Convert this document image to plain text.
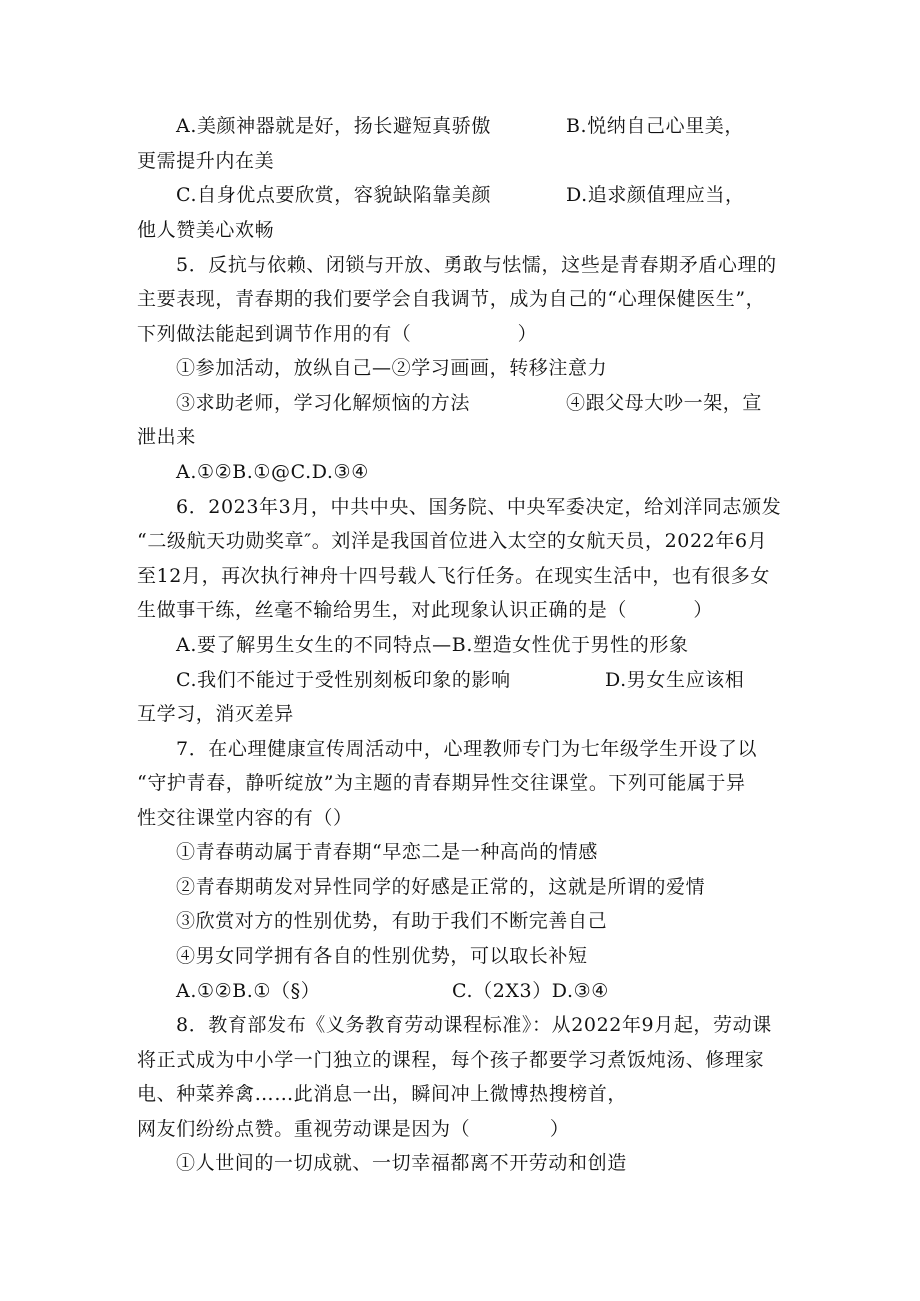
A.美颜神器就是好，扬长避短真骄傲	B.悦纳自己心里美，
更需提升内在美
C.自身优点要欣赏，容貌缺陷靠美颜	D.追求颜值理应当，
他人赞美心欢畅
5．反抗与依赖、闭锁与开放、勇敢与怯懦，这些是青春期矛盾心理的
主要表现，青春期的我们要学会自我调节，成为自己的“心理保健医生”，
下列做法能起到调节作用的有（                ）
①参加活动，放纵自己—②学习画画，转移注意力
③求助老师，学习化解烦恼的方法	④跟父母大吵一架，宣
泄出来
A.①②B.①@C.D.③④
6．2023年3月，中共中央、国务院、中央军委决定，给刘洋同志颁发
“二级航天功勋奖章″。刘洋是我国首位进入太空的女航天员，2022年6月
至12月，再次执行神舟十四号载人飞行任务。在现实生活中，也有很多女
生做事干练，丝毫不输给男生，对此现象认识正确的是（          ）
A.要了解男生女生的不同特点—B.塑造女性优于男性的形象
C.我们不能过于受性别刻板印象的影响	D.男女生应该相
互学习，消灭差异
7．在心理健康宣传周活动中，心理教师专门为七年级学生开设了以
“守护青春，静听绽放”为主题的青春期异性交往课堂。下列可能属于异
性交往课堂内容的有（）
①青春萌动属于青春期“早恋二是一种高尚的情感
②青春期萌发对异性同学的好感是正常的，这就是所谓的爱情
③欣赏对方的性别优势，有助于我们不断完善自己
④男女同学拥有各自的性别优势，可以取长补短
A.①②B.①（§）	C.（2X3）D.③④
8．教育部发布《义务教育劳动课程标准》：从2022年9月起，劳动课
将正式成为中小学一门独立的课程，每个孩子都要学习煮饭炖汤、修理家
电、种菜养禽……此消息一出，瞬间冲上微博热搜榜首，
网友们纷纷点赞。重视劳动课是因为（            ）
①人世间的一切成就、一切幸福都离不开劳动和创造
